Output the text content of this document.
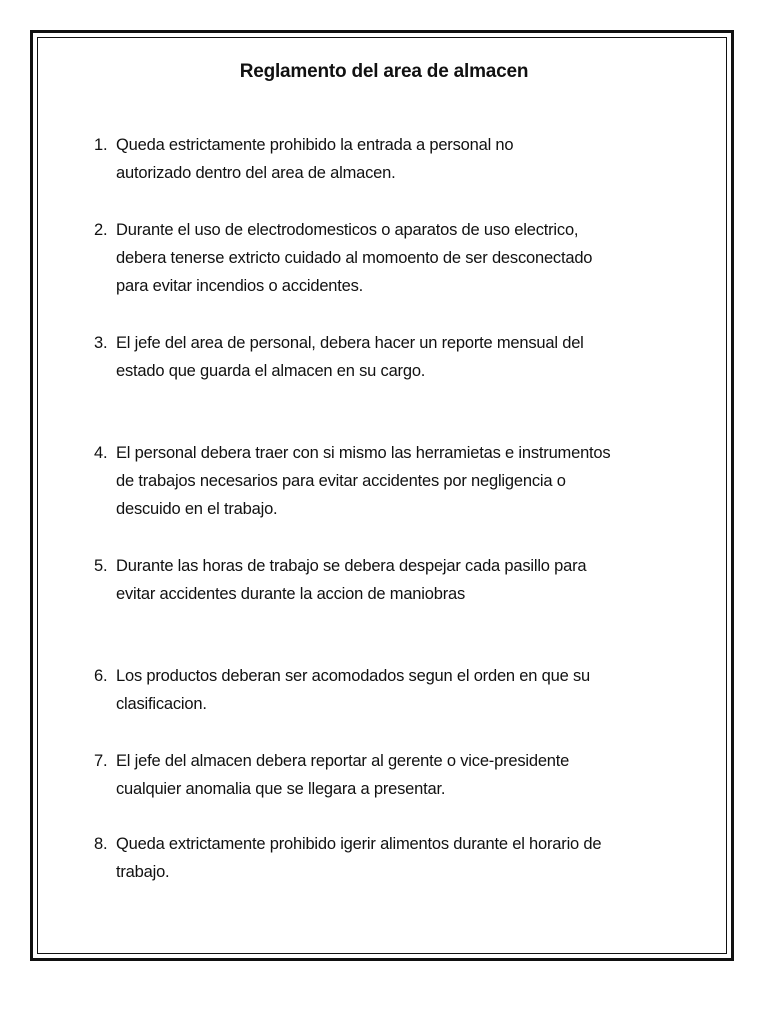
Reglamento del area de almacen
1. Queda estrictamente prohibido la entrada a personal no autorizado dentro del area de almacen.
2. Durante el uso de electrodomesticos o aparatos de uso electrico, debera tenerse extricto cuidado al momoento de ser desconectado para evitar incendios o accidentes.
3. El jefe del area de personal, debera hacer un reporte mensual del estado que guarda el almacen en su cargo.
4. El personal debera traer con si mismo las herramietas e instrumentos de trabajos necesarios para evitar accidentes por negligencia o descuido en el trabajo.
5. Durante las horas de trabajo se debera despejar cada pasillo para evitar accidentes durante la accion de maniobras
6. Los productos deberan ser acomodados segun el orden en que su clasificacion.
7. El jefe del almacen debera reportar al gerente o vice-presidente cualquier anomalia que se llegara a presentar.
8. Queda extrictamente prohibido igerir alimentos durante el horario de trabajo.
